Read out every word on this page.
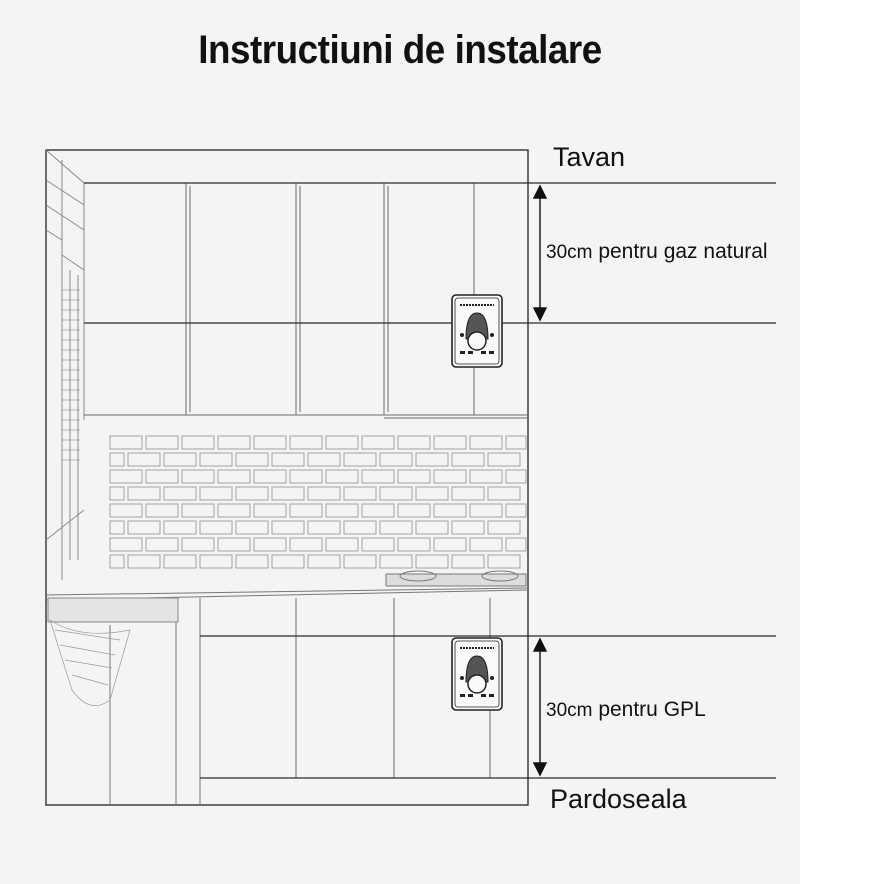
Instructiuni de instalare
Tavan
30cm pentru gaz natural
30cm pentru GPL
Pardoseala
